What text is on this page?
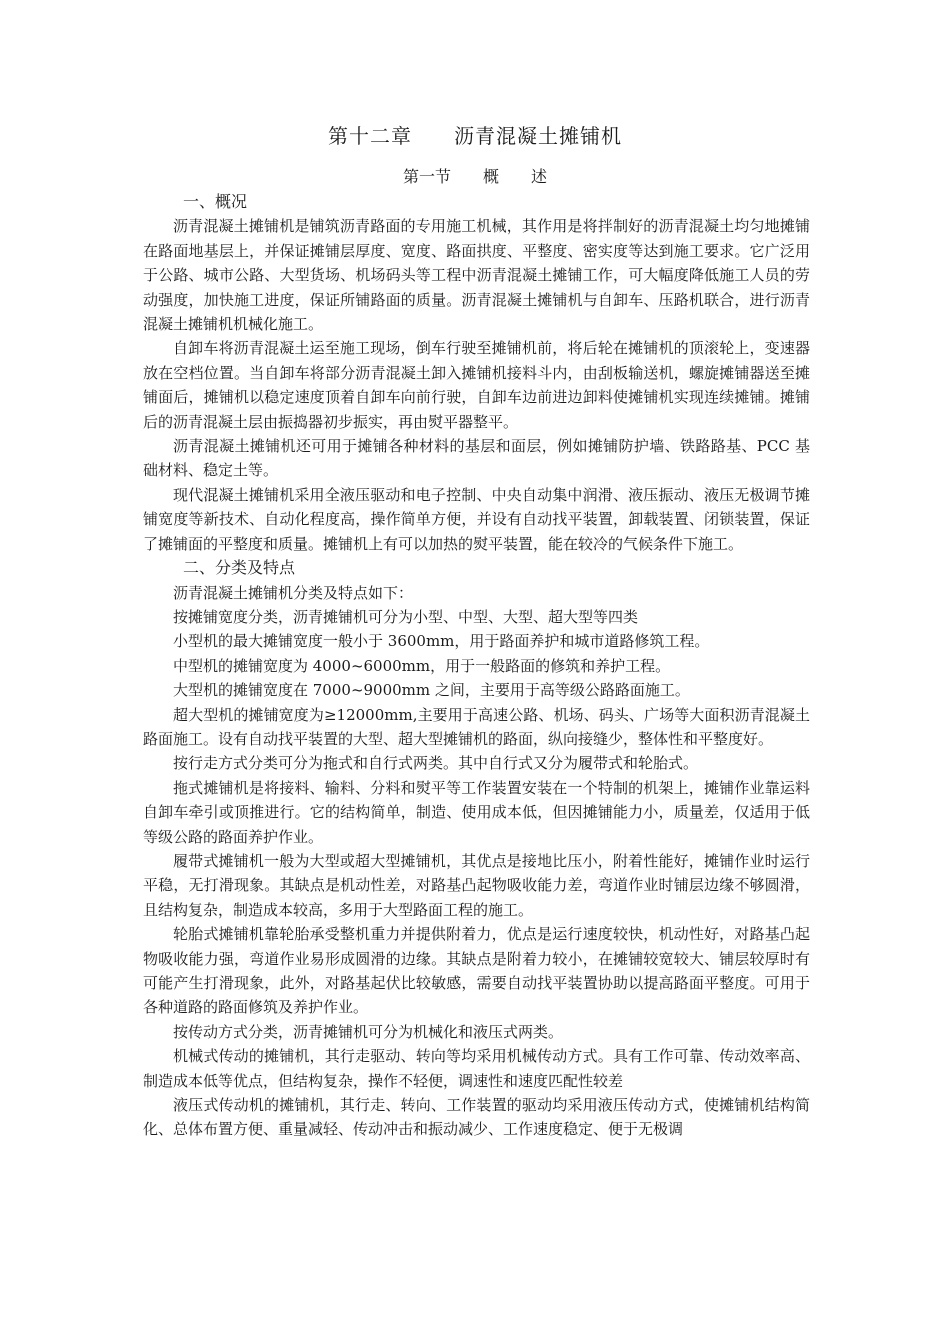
第十二章　　沥青混凝土摊铺机
第一节　　概　　述
一、概况

沥青混凝土摊铺机是铺筑沥青路面的专用施工机械，其作用是将拌制好的沥青混凝土均匀地摊铺在路面地基层上，并保证摊铺层厚度、宽度、路面拱度、平整度、密实度等达到施工要求。它广泛用于公路、城市公路、大型货场、机场码头等工程中沥青混凝土摊铺工作，可大幅度降低施工人员的劳动强度，加快施工进度，保证所铺路面的质量。沥青混凝土摊铺机与自卸车、压路机联合，进行沥青混凝土摊铺机机械化施工。

自卸车将沥青混凝土运至施工现场，倒车行驶至摊铺机前，将后轮在摊铺机的顶滚轮上，变速器放在空档位置。当自卸车将部分沥青混凝土卸入摊铺机接料斗内，由刮板输送机，螺旋摊铺器送至摊铺面后，摊铺机以稳定速度顶着自卸车向前行驶，自卸车边前进边卸料使摊铺机实现连续摊铺。摊铺后的沥青混凝土层由振捣器初步振实，再由熨平器整平。

沥青混凝土摊铺机还可用于摊铺各种材料的基层和面层，例如摊铺防护墙、铁路路基、PCC 基础材料、稳定土等。

现代混凝土摊铺机采用全液压驱动和电子控制、中央自动集中润滑、液压振动、液压无极调节摊铺宽度等新技术、自动化程度高，操作简单方便，并设有自动找平装置，卸载装置、闭锁装置，保证了摊铺面的平整度和质量。摊铺机上有可以加热的熨平装置，能在较冷的气候条件下施工。

二、分类及特点

沥青混凝土摊铺机分类及特点如下：

按摊铺宽度分类，沥青摊铺机可分为小型、中型、大型、超大型等四类

小型机的最大摊铺宽度一般小于 3600mm，用于路面养护和城市道路修筑工程。

中型机的摊铺宽度为 4000~6000mm，用于一般路面的修筑和养护工程。

大型机的摊铺宽度在 7000~9000mm 之间，主要用于高等级公路路面施工。

超大型机的摊铺宽度为≥12000mm,主要用于高速公路、机场、码头、广场等大面积沥青混凝土路面施工。设有自动找平装置的大型、超大型摊铺机的路面，纵向接缝少，整体性和平整度好。

按行走方式分类可分为拖式和自行式两类。其中自行式又分为履带式和轮胎式。

拖式摊铺机是将接料、输料、分料和熨平等工作装置安装在一个特制的机架上，摊铺作业靠运料自卸车牵引或顶推进行。它的结构简单，制造、使用成本低，但因摊铺能力小，质量差，仅适用于低等级公路的路面养护作业。

履带式摊铺机一般为大型或超大型摊铺机，其优点是接地比压小，附着性能好，摊铺作业时运行平稳，无打滑现象。其缺点是机动性差，对路基凸起物吸收能力差，弯道作业时铺层边缘不够圆滑，且结构复杂，制造成本较高，多用于大型路面工程的施工。

轮胎式摊铺机靠轮胎承受整机重力并提供附着力，优点是运行速度较快，机动性好，对路基凸起物吸收能力强，弯道作业易形成圆滑的边缘。其缺点是附着力较小，在摊铺较宽较大、铺层较厚时有可能产生打滑现象，此外，对路基起伏比较敏感，需要自动找平装置协助以提高路面平整度。可用于各种道路的路面修筑及养护作业。

按传动方式分类，沥青摊铺机可分为机械化和液压式两类。

机械式传动的摊铺机，其行走驱动、转向等均采用机械传动方式。具有工作可靠、传动效率高、制造成本低等优点，但结构复杂，操作不轻便，调速性和速度匹配性较差

液压式传动机的摊铺机，其行走、转向、工作装置的驱动均采用液压传动方式，使摊铺机结构简化、总体布置方便、重量减轻、传动冲击和振动减少、工作速度稳定、便于无极调
